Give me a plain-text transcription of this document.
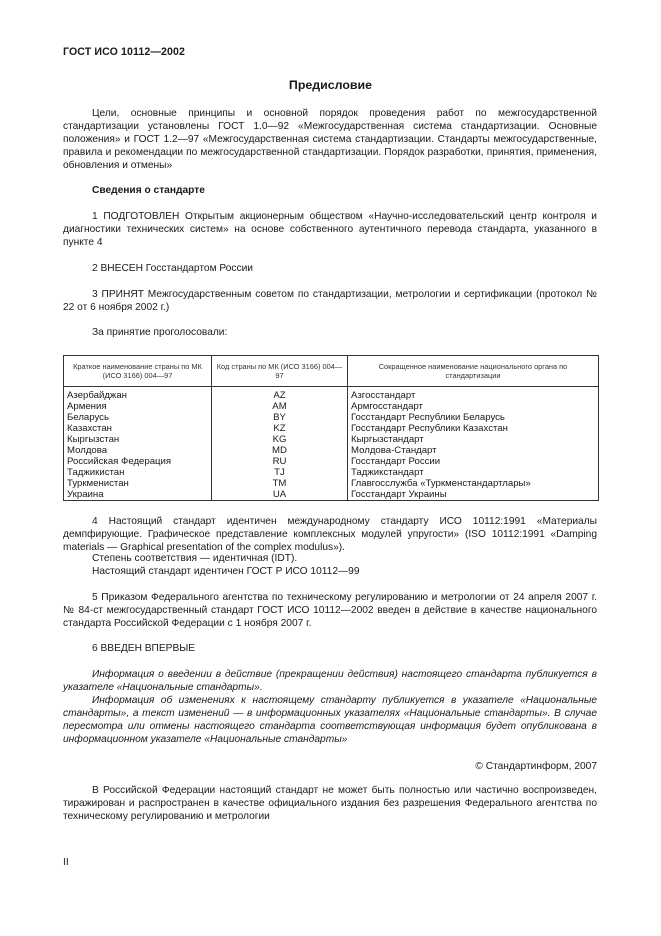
ГОСТ ИСО 10112—2002
Предисловие
Цели, основные принципы и основной порядок проведения работ по межгосударственной стандартизации установлены ГОСТ 1.0—92 «Межгосударственная система стандартизации. Основные положения» и ГОСТ 1.2—97 «Межгосударственная система стандартизации. Стандарты межгосударственные, правила и рекомендации по межгосударственной стандартизации. Порядок разработки, принятия, применения, обновления и отмены»
Сведения о стандарте
1 ПОДГОТОВЛЕН Открытым акционерным обществом «Научно-исследовательский центр контроля и диагностики технических систем» на основе собственного аутентичного перевода стандарта, указанного в пункте 4
2 ВНЕСЕН Госстандартом России
3 ПРИНЯТ Межгосударственным советом по стандартизации, метрологии и сертификации (протокол № 22 от 6 ноября 2002 г.)
За принятие проголосовали:
Краткое наименование страны по МК (ИСО 3166) 004—97	Код страны по МК (ИСО 3166) 004—97	Сокращенное наименование национального органа по стандартизации
Азербайджан	AZ	Азгосстандарт
Армения	AM	Армгосстандарт
Беларусь	BY	Госстандарт Республики Беларусь
Казахстан	KZ	Госстандарт Республики Казахстан
Кыргызстан	KG	Кыргызстандарт
Молдова	MD	Молдова-Стандарт
Российская Федерация	RU	Госстандарт России
Таджикистан	TJ	Таджикстандарт
Туркменистан	TM	Главгосслужба «Туркменстандартлары»
Украина	UA	Госстандарт Украины
4 Настоящий стандарт идентичен международному стандарту ИСО 10112:1991 «Материалы демпфирующие. Графическое представление комплексных модулей упругости» (ISO 10112:1991 «Damping materials — Graphical presentation of the complex modulus»).
Степень соответствия — идентичная (IDT).
Настоящий стандарт идентичен ГОСТ Р ИСО 10112—99
5 Приказом Федерального агентства по техническому регулированию и метрологии от 24 апреля 2007 г. № 84-ст межгосударственный стандарт ГОСТ ИСО 10112—2002 введен в действие в качестве национального стандарта Российской Федерации с 1 ноября 2007 г.
6 ВВЕДЕН ВПЕРВЫЕ
Информация о введении в действие (прекращении действия) настоящего стандарта публикуется в указателе «Национальные стандарты».
Информация об изменениях к настоящему стандарту публикуется в указателе «Национальные стандарты», а текст изменений — в информационных указателях «Национальные стандарты». В случае пересмотра или отмены настоящего стандарта соответствующая информация будет опубликована в информационном указателе «Национальные стандарты»
© Стандартинформ, 2007
В Российской Федерации настоящий стандарт не может быть полностью или частично воспроизведен, тиражирован и распространен в качестве официального издания без разрешения Федерального агентства по техническому регулированию и метрологии
II
